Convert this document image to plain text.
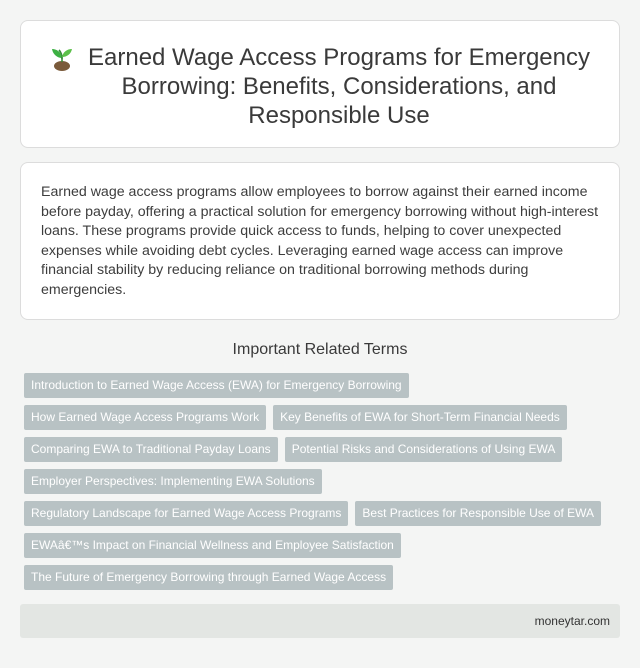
Earned Wage Access Programs for Emergency Borrowing: Benefits, Considerations, and Responsible Use

Earned wage access programs allow employees to borrow against their earned income before payday, offering a practical solution for emergency borrowing without high-interest loans. These programs provide quick access to funds, helping to cover unexpected expenses while avoiding debt cycles. Leveraging earned wage access can improve financial stability by reducing reliance on traditional borrowing methods during emergencies.

Important Related Terms
Introduction to Earned Wage Access (EWA) for Emergency Borrowing
How Earned Wage Access Programs Work	Key Benefits of EWA for Short-Term Financial Needs
Comparing EWA to Traditional Payday Loans	Potential Risks and Considerations of Using EWA
Employer Perspectives: Implementing EWA Solutions
Regulatory Landscape for Earned Wage Access Programs	Best Practices for Responsible Use of EWA
EWAâ€™s Impact on Financial Wellness and Employee Satisfaction
The Future of Emergency Borrowing through Earned Wage Access
moneytar.com
